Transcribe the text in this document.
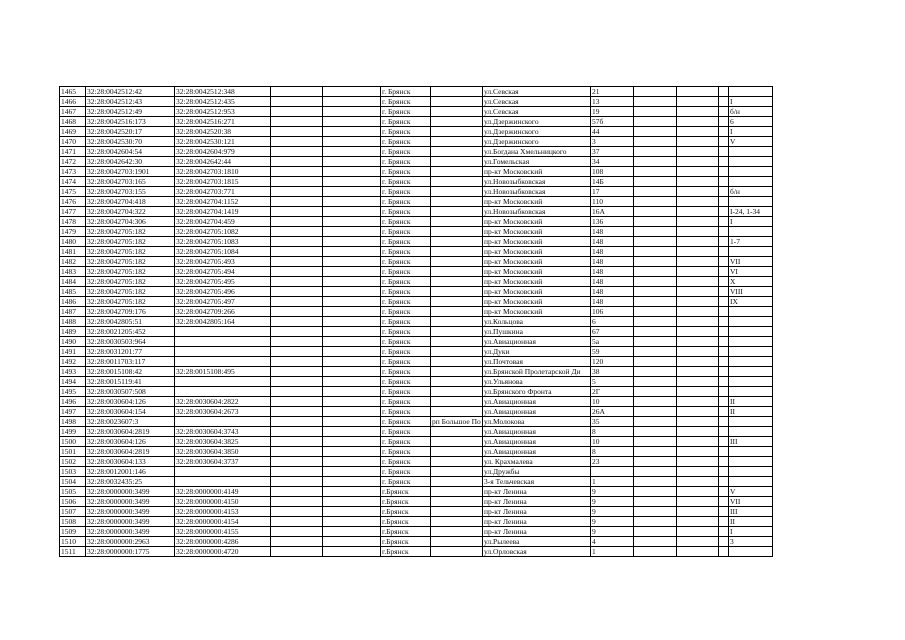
1465	32:28:0042512:42	32:28:0042512:348			г. Брянск		ул.Севская	21				
1466	32:28:0042512:43	32:28:0042512:435			г. Брянск		ул.Севская	13				I
1467	32:28:0042512:49	32:28:0042512:953			г. Брянск		ул.Севская	19				б/н
1468	32:28:0042516:173	32:28:0042516:271			г. Брянск		ул.Дзержинского	57б				6
1469	32:28:0042520:17	32:28:0042520:38			г. Брянск		ул.Дзержинского	44				I
1470	32:28:0042530:70	32:28:0042530:121			г. Брянск		ул.Дзержинского	3				V
1471	32:28:0042604:54	32:28:0042604:979			г. Брянск		ул.Богдана Хмельницкого	37				
1472	32:28:0042642:30	32:28:0042642:44			г. Брянск		ул.Гомельская	34				
1473	32:28:0042703:1901	32:28:0042703:1810			г. Брянск		пр-кт Московский	108				
1474	32:28:0042703:165	32:28:0042703:1815			г. Брянск		ул.Новозыбковская	14Б				
1475	32:28:0042703:155	32:28:0042703:771			г. Брянск		ул.Новозыбковская	17				б/н
1476	32:28:0042704:418	32:28:0042704:1152			г. Брянск		пр-кт Московский	110				
1477	32:28:0042704:322	32:28:0042704:1419			г. Брянск		ул.Новозыбковская	16А				I-24, 1-34
1478	32:28:0042704:306	32:28:0042704:459			г. Брянск		пр-кт Московский	136				I
1479	32:28:0042705:182	32:28:0042705:1082			г. Брянск		пр-кт Московский	148				
1480	32:28:0042705:182	32:28:0042705:1083			г. Брянск		пр-кт Московский	148				1-7
1481	32:28:0042705:182	32:28:0042705:1084			г. Брянск		пр-кт Московский	148				
1482	32:28:0042705:182	32:28:0042705:493			г. Брянск		пр-кт Московский	148				VII
1483	32:28:0042705:182	32:28:0042705:494			г. Брянск		пр-кт Московский	148				VI
1484	32:28:0042705:182	32:28:0042705:495			г. Брянск		пр-кт Московский	148				X
1485	32:28:0042705:182	32:28:0042705:496			г. Брянск		пр-кт Московский	148				VIII
1486	32:28:0042705:182	32:28:0042705:497			г. Брянск		пр-кт Московский	148				IX
1487	32:28:0042709:176	32:28:0042709:266			г. Брянск		пр-кт Московский	106				
1488	32:28:0042805:51	32:28:0042805:164			г. Брянск		ул.Кольцова	6				
1489	32:28:0021205:452				г. Брянск		ул.Пушкина	67				
1490	32:28:0030503:964				г. Брянск		ул.Авиационная	5а				
1491	32:28:0031201:77				г. Брянск		ул.Дуки	59				
1492	32:28:0011703:117				г. Брянск		ул.Почтовая	120				
1493	32:28:0015108:42	32:28:0015108:495			г. Брянск		ул.Брянской Пролетарской Ди	38				
1494	32:28:0015119:41				г. Брянск		ул.Ульянова	5				
1495	32:28:0030507:508				г. Брянск		ул.Брянского Фронта	2Г				
1496	32:28:0030604:126	32:28:0030604:2822			г. Брянск		ул.Авиационная	10				II
1497	32:28:0030604:154	32:28:0030604:2673			г. Брянск		ул.Авиационная	26А				II
1498	32:28:0023607:3				г. Брянск	рп Большое По	ул.Молокова	35				
1499	32:28:0030604:2819	32:28:0030604:3743			г. Брянск		ул.Авиационная	8				
1500	32:28:0030604:126	32:28:0030604:3825			г. Брянск		ул.Авиационная	10				III
1501	32:28:0030604:2819	32:28:0030604:3850			г. Брянск		ул.Авиационная	8				
1502	32:28:0030604:133	32:28:0030604:3737			г. Брянск		ул. Крахмалева	23				
1503	32:28:0012001:146				г. Брянск		ул.Дружбы					
1504	32:28:0032435:25				г. Брянск		3-я Тельчевская	1				
1505	32:28:0000000:3499	32:28:0000000:4149			г.Брянск		пр-кт Ленина	9				V
1506	32:28:0000000:3499	32:28:0000000:4150			г.Брянск		пр-кт Ленина	9				VII
1507	32:28:0000000:3499	32:28:0000000:4153			г.Брянск		пр-кт Ленина	9				III
1508	32:28:0000000:3499	32:28:0000000:4154			г.Брянск		пр-кт Ленина	9				II
1509	32:28:0000000:3499	32:28:0000000:4155			г.Брянск		пр-кт Ленина	9				I
1510	32:28:0000000:2963	32:28:0000000:4286			г.Брянск		ул.Рылеева	4				3
1511	32:28:0000000:1775	32:28:0000000:4720			г.Брянск		ул.Орловская	1				
